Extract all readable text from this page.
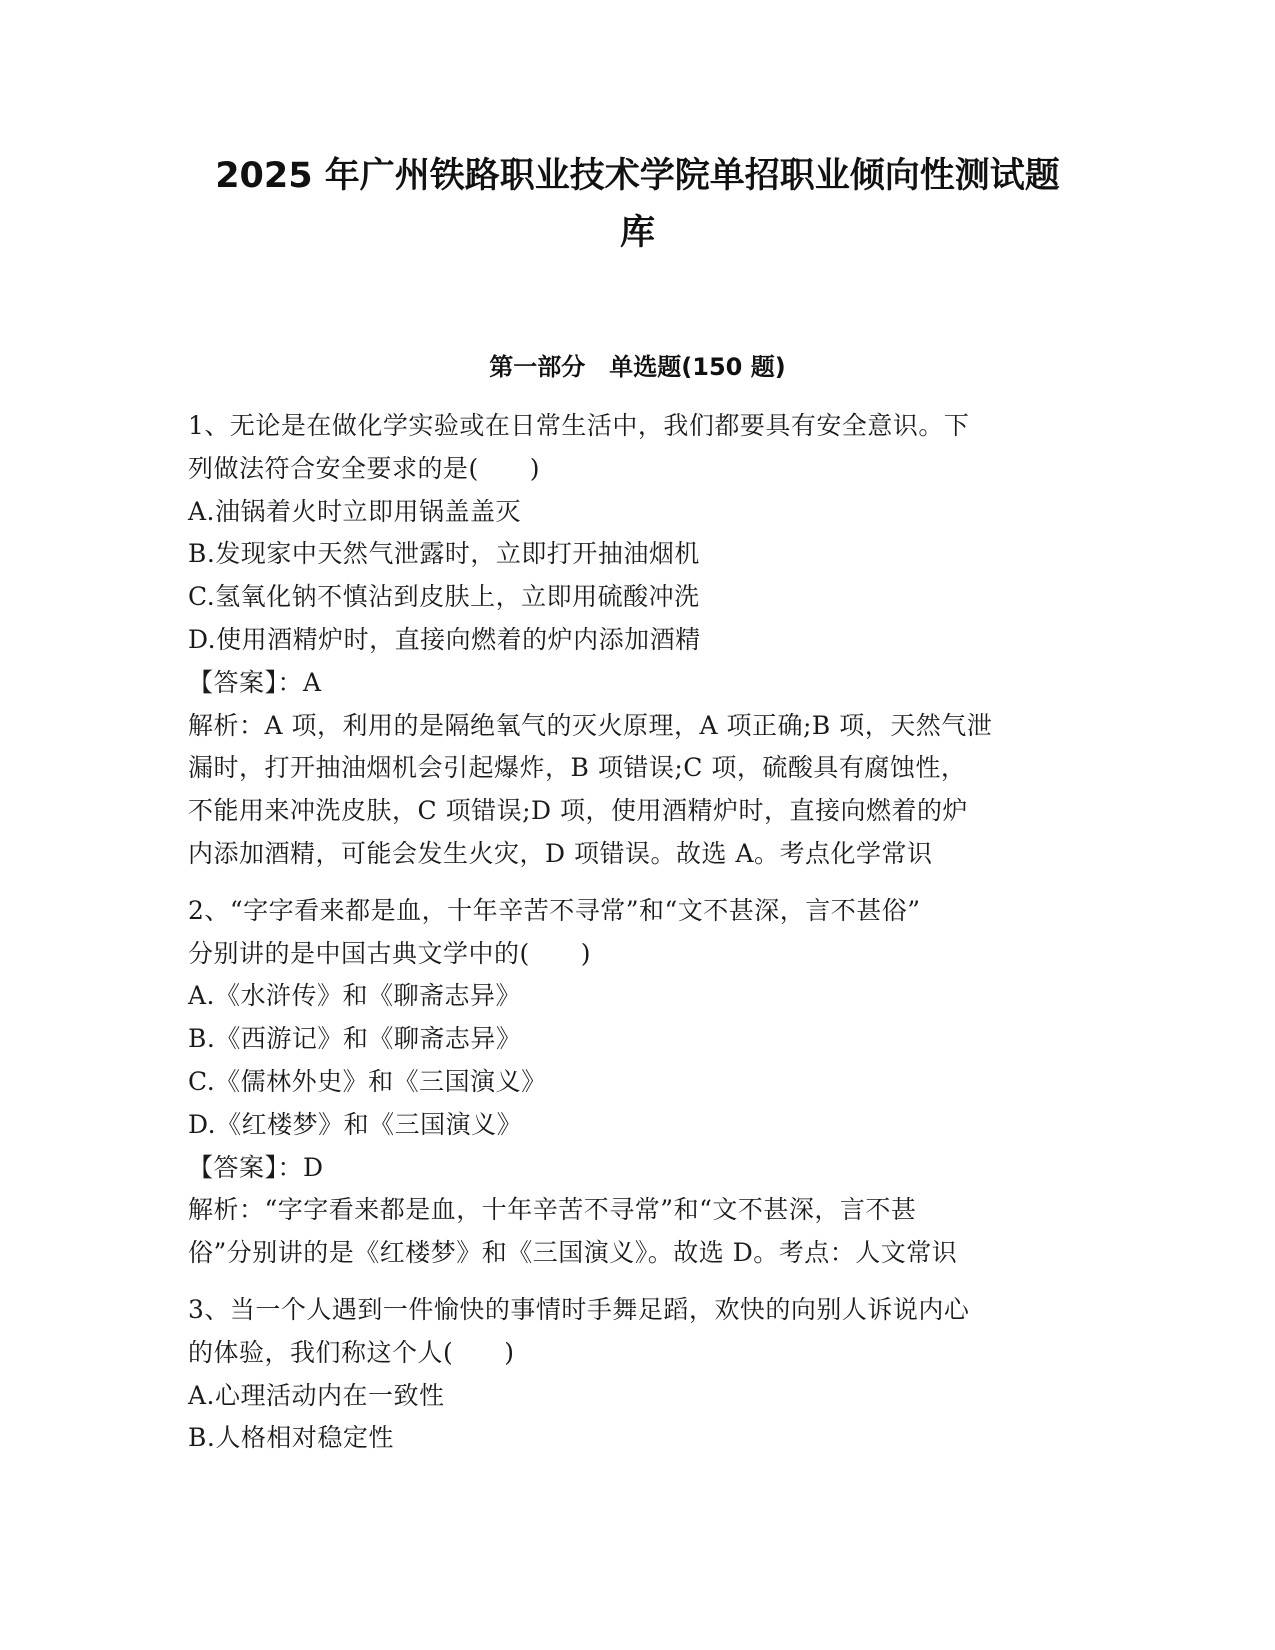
2025 年广州铁路职业技术学院单招职业倾向性测试题
库
第一部分　单选题(150 题)
1、无论是在做化学实验或在日常生活中，我们都要具有安全意识。下
列做法符合安全要求的是(　　)
A.油锅着火时立即用锅盖盖灭
B.发现家中天然气泄露时，立即打开抽油烟机
C.氢氧化钠不慎沾到皮肤上，立即用硫酸冲洗
D.使用酒精炉时，直接向燃着的炉内添加酒精
【答案】：A
解析：A 项，利用的是隔绝氧气的灭火原理，A 项正确;B 项，天然气泄
漏时，打开抽油烟机会引起爆炸，B 项错误;C 项，硫酸具有腐蚀性，
不能用来冲洗皮肤，C 项错误;D 项，使用酒精炉时，直接向燃着的炉
内添加酒精，可能会发生火灾，D 项错误。故选 A。考点化学常识
2、“字字看来都是血，十年辛苦不寻常”和“文不甚深，言不甚俗”
分别讲的是中国古典文学中的(　　)
A.《水浒传》和《聊斋志异》
B.《西游记》和《聊斋志异》
C.《儒林外史》和《三国演义》
D.《红楼梦》和《三国演义》
【答案】：D
解析：“字字看来都是血，十年辛苦不寻常”和“文不甚深，言不甚
俗”分别讲的是《红楼梦》和《三国演义》。故选 D。考点：人文常识
3、当一个人遇到一件愉快的事情时手舞足蹈，欢快的向别人诉说内心
的体验，我们称这个人(　　)
A.心理活动内在一致性
B.人格相对稳定性
